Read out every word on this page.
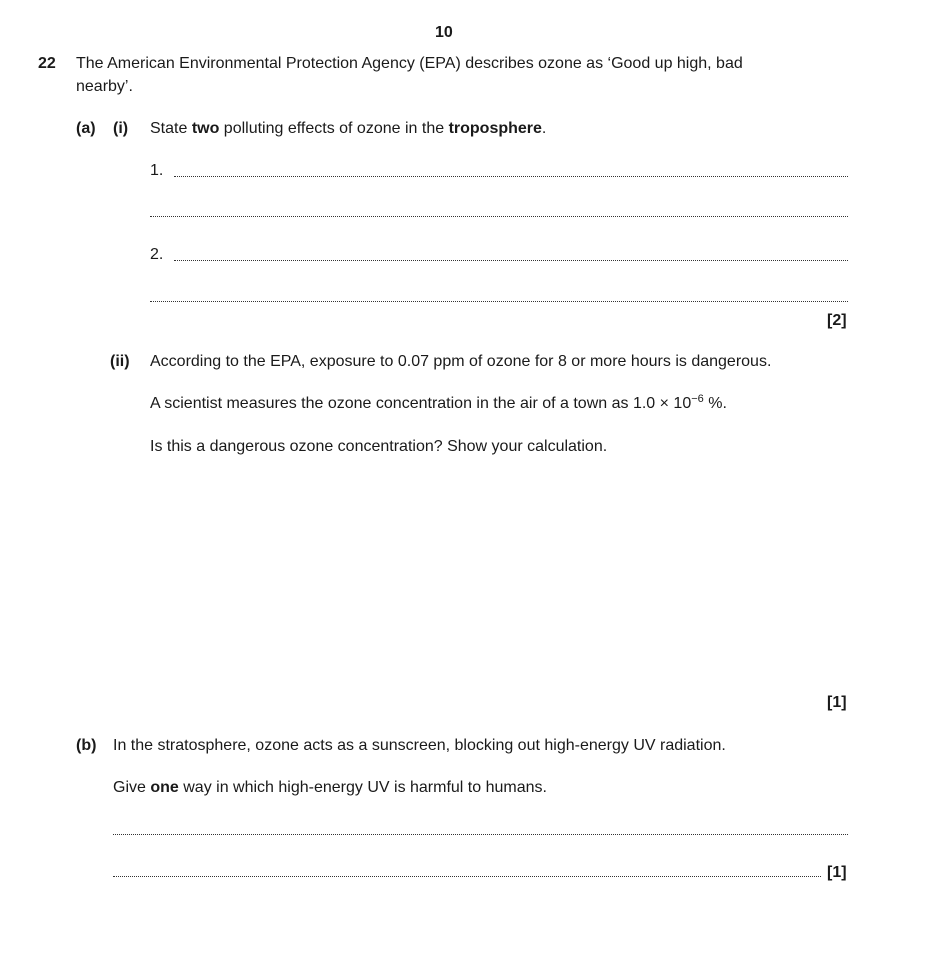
10
22 The American Environmental Protection Agency (EPA) describes ozone as ‘Good up high, bad
nearby’.
(a) (i) State two polluting effects of ozone in the troposphere.
1.
2.
[2]
(ii) According to the EPA, exposure to 0.07 ppm of ozone for 8 or more hours is dangerous.
A scientist measures the ozone concentration in the air of a town as $1.0 \times 10^{-6}$ %.
Is this a dangerous ozone concentration? Show your calculation.
[1]
(b) In the stratosphere, ozone acts as a sunscreen, blocking out high-energy UV radiation.
Give one way in which high-energy UV is harmful to humans.
[1]
